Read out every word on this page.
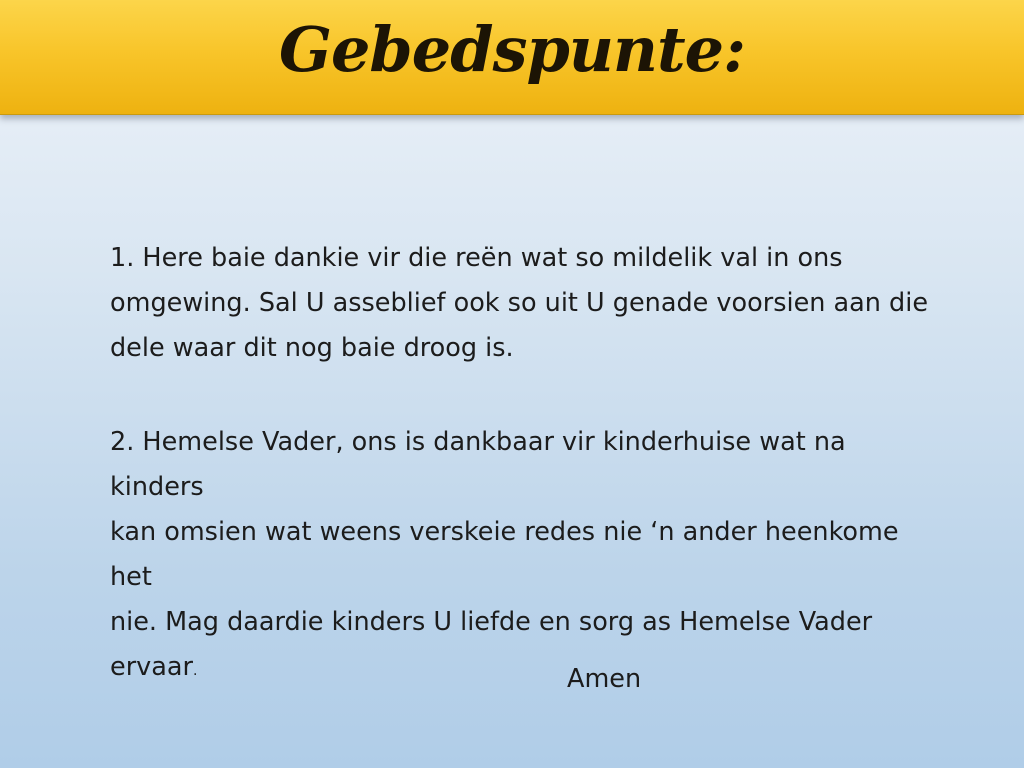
Gebedspunte:

1. Here baie dankie vir die reën wat so mildelik val in ons
omgewing. Sal U asseblief ook so uit U genade voorsien aan die
dele waar dit nog baie droog is.

2. Hemelse Vader, ons is dankbaar vir kinderhuise wat na kinders
kan omsien wat weens verskeie redes nie ‘n ander heenkome het
nie. Mag daardie kinders U liefde en sorg as Hemelse Vader ervaar.	Amen
